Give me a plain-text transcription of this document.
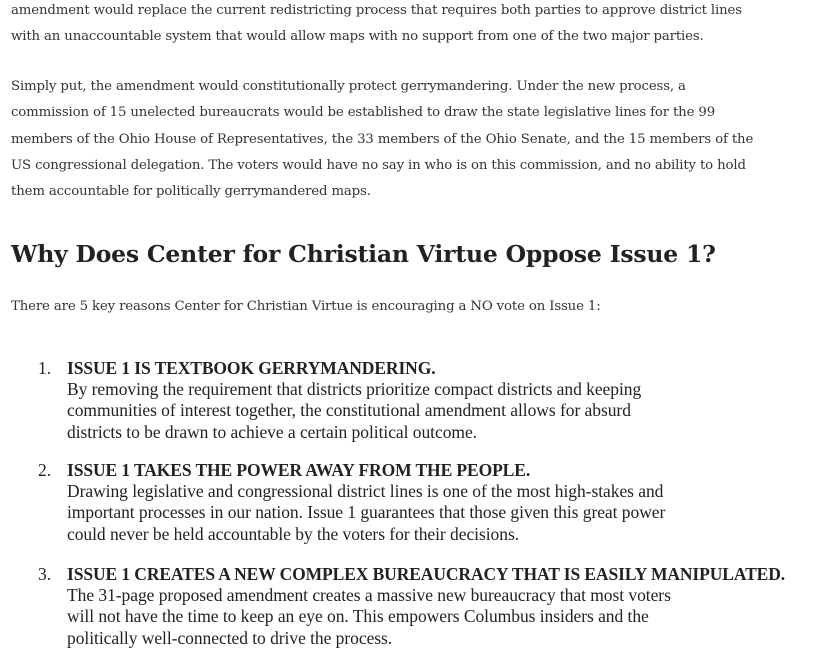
amendment would replace the current redistricting process that requires both parties to approve district lines
with an unaccountable system that would allow maps with no support from one of the two major parties.

Simply put, the amendment would constitutionally protect gerrymandering. Under the new process, a
commission of 15 unelected bureaucrats would be established to draw the state legislative lines for the 99
members of the Ohio House of Representatives, the 33 members of the Ohio Senate, and the 15 members of the
US congressional delegation. The voters would have no say in who is on this commission, and no ability to hold
them accountable for politically gerrymandered maps.

Why Does Center for Christian Virtue Oppose Issue 1?

There are 5 key reasons Center for Christian Virtue is encouraging a NO vote on Issue 1:

1. ISSUE 1 IS TEXTBOOK GERRYMANDERING.
By removing the requirement that districts prioritize compact districts and keeping
communities of interest together, the constitutional amendment allows for absurd
districts to be drawn to achieve a certain political outcome.
2. ISSUE 1 TAKES THE POWER AWAY FROM THE PEOPLE.
Drawing legislative and congressional district lines is one of the most high-stakes and
important processes in our nation. Issue 1 guarantees that those given this great power
could never be held accountable by the voters for their decisions.
3. ISSUE 1 CREATES A NEW COMPLEX BUREAUCRACY THAT IS EASILY MANIPULATED.
The 31-page proposed amendment creates a massive new bureaucracy that most voters
will not have the time to keep an eye on. This empowers Columbus insiders and the
politically well-connected to drive the process.
